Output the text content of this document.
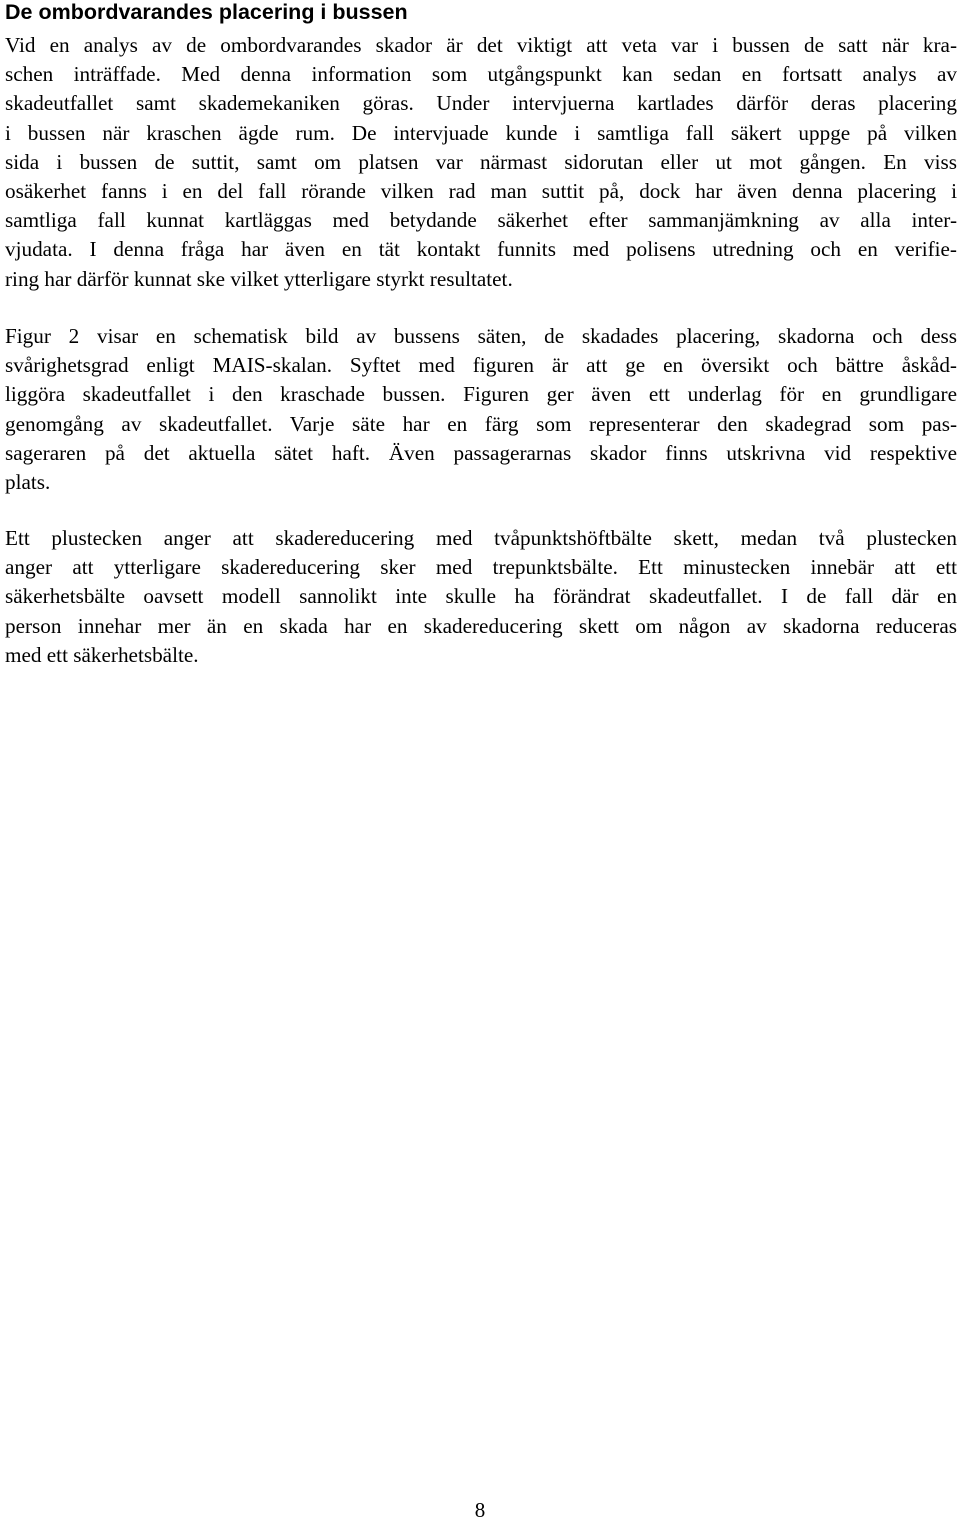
De ombordvarandes placering i bussen
Vid en analys av de ombordvarandes skador är det viktigt att veta var i bussen de satt när kra-
schen inträffade. Med denna information som utgångspunkt kan sedan en fortsatt analys av
skadeutfallet samt skademekaniken göras. Under intervjuerna kartlades därför deras placering
i bussen när kraschen ägde rum. De intervjuade kunde i samtliga fall säkert uppge på vilken
sida i bussen de suttit, samt om platsen var närmast sidorutan eller ut mot gången. En viss
osäkerhet fanns i en del fall rörande vilken rad man suttit på, dock har även denna placering i
samtliga fall kunnat kartläggas med betydande säkerhet efter sammanjämkning av alla inter-
vjudata. I denna fråga har även en tät kontakt funnits med polisens utredning och en verifie-
ring har därför kunnat ske vilket ytterligare styrkt resultatet.
Figur 2 visar en schematisk bild av bussens säten, de skadades placering, skadorna och dess
svårighetsgrad enligt MAIS-skalan. Syftet med figuren är att ge en översikt och bättre åskåd-
liggöra skadeutfallet i den kraschade bussen. Figuren ger även ett underlag för en grundligare
genomgång av skadeutfallet. Varje säte har en färg som representerar den skadegrad som pas-
sageraren på det aktuella sätet haft. Även passagerarnas skador finns utskrivna vid respektive
plats.
Ett plustecken anger att skadereducering med tvåpunktshöftbälte skett, medan två plustecken
anger att ytterligare skadereducering sker med trepunktsbälte. Ett minustecken innebär att ett
säkerhetsbälte oavsett modell sannolikt inte skulle ha förändrat skadeutfallet. I de fall där en
person innehar mer än en skada har en skadereducering skett om någon av skadorna reduceras
med ett säkerhetsbälte.
8
